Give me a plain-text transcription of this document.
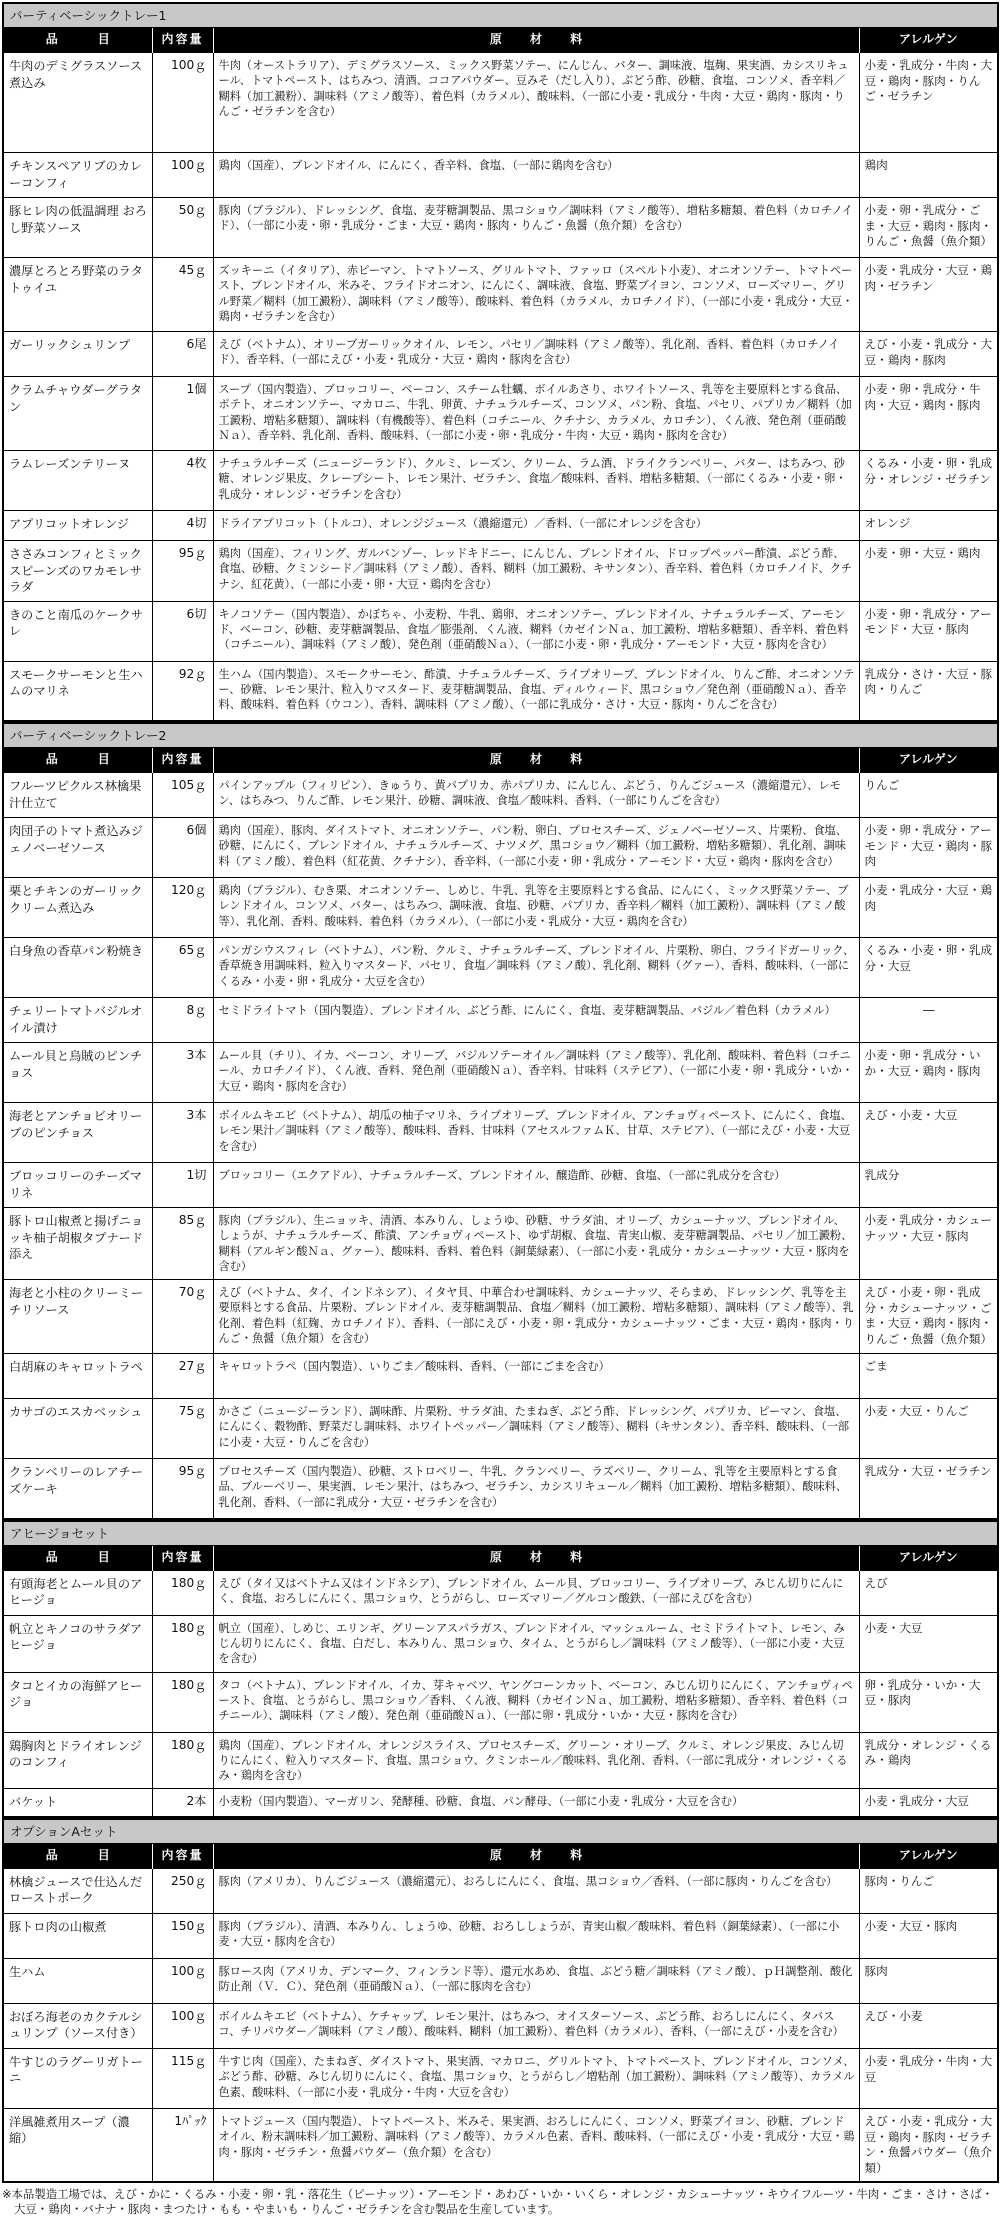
パーティベーシックトレー1
品　目	内容量	原 材 料	アレルゲン
牛肉のデミグラスソース煮込み	100ｇ	牛肉（オーストラリア）、デミグラスソース、ミックス野菜ソテー、にんじん、バター、調味液、塩麹、果実酒、カシスリキュール、トマトペースト、はちみつ、清酒、ココアパウダー、豆みそ（だし入り）、ぶどう酢、砂糖、食塩、コンソメ、香辛料／糊料（加工澱粉）、調味料（アミノ酸等）、着色料（カラメル）、酸味料、（一部に小麦・乳成分・牛肉・大豆・鶏肉・豚肉・りんご・ゼラチンを含む）	小麦・乳成分・牛肉・大豆・鶏肉・豚肉・りんご・ゼラチン
チキンスペアリブのカレーコンフィ	100ｇ	鶏肉（国産）、ブレンドオイル、にんにく、香辛料、食塩、（一部に鶏肉を含む）	鶏肉
豚ヒレ肉の低温調理 おろし野菜ソース	50ｇ	豚肉（ブラジル）、ドレッシング、食塩、麦芽糖調製品、黒コショウ／調味料（アミノ酸等）、増粘多糖類、着色料（カロチノイド）、（一部に小麦・卵・乳成分・ごま・大豆・鶏肉・豚肉・りんご・魚醤（魚介類）を含む）	小麦・卵・乳成分・ごま・大豆・鶏肉・豚肉・りんご・魚醤（魚介類）
濃厚とろとろ野菜のラタトゥイユ	45ｇ	ズッキーニ（イタリア）、赤ピーマン、トマトソース、グリルトマト、ファッロ（スペルト小麦）、オニオンソテー、トマトペースト、ブレンドオイル、米みそ、フライドオニオン、にんにく、調味液、食塩、野菜ブイヨン、コンソメ、ローズマリー、グリル野菜／糊料（加工澱粉）、調味料（アミノ酸等）、酸味料、着色料（カラメル、カロチノイド）、（一部に小麦・乳成分・大豆・鶏肉・ゼラチンを含む）	小麦・乳成分・大豆・鶏肉・ゼラチン
ガーリックシュリンプ	6尾	えび（ベトナム）、オリーブガーリックオイル、レモン、パセリ／調味料（アミノ酸等）、乳化剤、香料、着色料（カロチノイド）、香辛料、（一部にえび・小麦・乳成分・大豆・鶏肉・豚肉を含む）	えび・小麦・乳成分・大豆・鶏肉・豚肉
クラムチャウダーグラタン	1個	スープ（国内製造）、ブロッコリー、ベーコン、スチーム牡蠣、ボイルあさり、ホワイトソース、乳等を主要原料とする食品、ポテト、オニオンソテー、マカロニ、牛乳、卵黄、ナチュラルチーズ、コンソメ、パン粉、食塩、パセリ、パプリカ／糊料（加工澱粉、増粘多糖類）、調味料（有機酸等）、着色料（コチニール、クチナシ、カラメル、カロチン）、くん液、発色剤（亜硝酸Ｎａ）、香辛料、乳化剤、香料、酸味料、（一部に小麦・卵・乳成分・牛肉・大豆・鶏肉・豚肉を含む）	小麦・卵・乳成分・牛肉・大豆・鶏肉・豚肉
ラムレーズンテリーヌ	4枚	ナチュラルチーズ（ニュージーランド）、クルミ、レーズン、クリーム、ラム酒、ドライクランベリー、バター、はちみつ、砂糖、オレンジ果皮、クレープシート、レモン果汁、ゼラチン、食塩／酸味料、香料、増粘多糖類、（一部にくるみ・小麦・卵・乳成分・オレンジ・ゼラチンを含む）	くるみ・小麦・卵・乳成分・オレンジ・ゼラチン
アプリコットオレンジ	4切	ドライアプリコット（トルコ）、オレンジジュース（濃縮還元）／香料、（一部にオレンジを含む）	オレンジ
ささみコンフィとミックスビーンズのワカモレサラダ	95ｇ	鶏肉（国産）、フィリング、ガルバンゾー、レッドキドニー、にんじん、ブレンドオイル、ドロップペッパー酢漬、ぶどう酢、食塩、砂糖、クミンシード／調味料（アミノ酸）、香料、糊料（加工澱粉、キサンタン）、香辛料、着色料（カロチノイド、クチナシ、紅花黄）、（一部に小麦・卵・大豆・鶏肉を含む）	小麦・卵・大豆・鶏肉
きのこと南瓜のケークサレ	6切	キノコソテー（国内製造）、かぼちゃ、小麦粉、牛乳、鶏卵、オニオンソテー、ブレンドオイル、ナチュラルチーズ、アーモンド、ベーコン、砂糖、麦芽糖調製品、食塩／膨張剤、くん液、糊料（カゼインＮａ、加工澱粉、増粘多糖類）、香辛料、着色料（コチニール）、調味料（アミノ酸）、発色剤（亜硝酸Ｎａ）、（一部に小麦・卵・乳成分・アーモンド・大豆・豚肉を含む）	小麦・卵・乳成分・アーモンド・大豆・豚肉
スモークサーモンと生ハムのマリネ	92ｇ	生ハム（国内製造）、スモークサーモン、酢漬、ナチュラルチーズ、ライプオリーブ、ブレンドオイル、りんご酢、オニオンソテー、砂糖、レモン果汁、粒入りマスタード、麦芽糖調製品、食塩、ディルウィード、黒コショウ／発色剤（亜硝酸Ｎａ）、香辛料、酸味料、着色料（ウコン）、香料、調味料（アミノ酸）、（一部に乳成分・さけ・大豆・豚肉・りんごを含む）	乳成分・さけ・大豆・豚肉・りんご
パーティベーシックトレー2
品　目	内容量	原 材 料	アレルゲン
フルーツピクルス林檎果汁仕立て	105ｇ	パインアップル（フィリピン）、きゅうり、黄パプリカ、赤パプリカ、にんじん、ぶどう、りんごジュース（濃縮還元）、レモン、はちみつ、りんご酢、レモン果汁、砂糖、調味液、食塩／酸味料、香料、（一部にりんごを含む）	りんご
肉団子のトマト煮込みジェノベーゼソース	6個	鶏肉（国産）、豚肉、ダイストマト、オニオンソテー、パン粉、卵白、プロセスチーズ、ジェノベーゼソース、片栗粉、食塩、砂糖、にんにく、ブレンドオイル、ナチュラルチーズ、ナツメグ、黒コショウ／糊料（加工澱粉、増粘多糖類）、乳化剤、調味料（アミノ酸）、着色料（紅花黄、クチナシ）、香辛料、（一部に小麦・卵・乳成分・アーモンド・大豆・鶏肉・豚肉を含む）	小麦・卵・乳成分・アーモンド・大豆・鶏肉・豚肉
栗とチキンのガーリッククリーム煮込み	120ｇ	鶏肉（ブラジル）、むき栗、オニオンソテー、しめじ、牛乳、乳等を主要原料とする食品、にんにく、ミックス野菜ソテー、ブレンドオイル、コンソメ、バター、はちみつ、調味液、食塩、砂糖、パプリカ、香辛料／糊料（加工澱粉）、調味料（アミノ酸等）、乳化剤、香料、酸味料、着色料（カラメル）、（一部に小麦・乳成分・大豆・鶏肉を含む）	小麦・乳成分・大豆・鶏肉
白身魚の香草パン粉焼き	65ｇ	パンガシウスフィレ（ベトナム）、パン粉、クルミ、ナチュラルチーズ、ブレンドオイル、片栗粉、卵白、フライドガーリック、香草焼き用調味料、粒入りマスタード、パセリ、食塩／調味料（アミノ酸）、乳化剤、糊料（グァー）、香料、酸味料、（一部にくるみ・小麦・卵・乳成分・大豆を含む）	くるみ・小麦・卵・乳成分・大豆
チェリートマトバジルオイル漬け	8ｇ	セミドライトマト（国内製造）、ブレンドオイル、ぶどう酢、にんにく、食塩、麦芽糖調製品、バジル／着色料（カラメル）	―
ムール貝と烏賊のピンチョス	3本	ムール貝（チリ）、イカ、ベーコン、オリーブ、バジルソテーオイル／調味料（アミノ酸等）、乳化剤、酸味料、着色料（コチニール、カロチノイド）、くん液、香料、発色剤（亜硝酸Ｎａ）、香辛料、甘味料（ステビア）、（一部に小麦・卵・乳成分・いか・大豆・鶏肉・豚肉を含む）	小麦・卵・乳成分・いか・大豆・鶏肉・豚肉
海老とアンチョビオリーブのピンチョス	3本	ボイルムキエビ（ベトナム）、胡瓜の柚子マリネ、ライプオリーブ、ブレンドオイル、アンチョヴィペースト、にんにく、食塩、レモン果汁／調味料（アミノ酸等）、酸味料、香料、甘味料（アセスルファムＫ、甘草、ステビア）、（一部にえび・小麦・大豆を含む）	えび・小麦・大豆
ブロッコリーのチーズマリネ	1切	ブロッコリー（エクアドル）、ナチュラルチーズ、ブレンドオイル、醸造酢、砂糖、食塩、（一部に乳成分を含む）	乳成分
豚トロ山椒煮と揚げニョッキ柚子胡椒タプナード添え	85ｇ	豚肉（ブラジル）、生ニョッキ、清酒、本みりん、しょうゆ、砂糖、サラダ油、オリーブ、カシューナッツ、ブレンドオイル、しょうが、ナチュラルチーズ、酢漬、アンチョヴィペースト、ゆず胡椒、食塩、青実山椒、麦芽糖調製品、パセリ／加工澱粉、糊料（アルギン酸Ｎａ、グァー）、酸味料、香料、着色料（銅葉緑素）、（一部に小麦・乳成分・カシューナッツ・大豆・豚肉を含む）	小麦・乳成分・カシューナッツ・大豆・豚肉
海老と小柱のクリーミーチリソース	70ｇ	えび（ベトナム、タイ、インドネシア）、イタヤ貝、中華合わせ調味料、カシューナッツ、そらまめ、ドレッシング、乳等を主要原料とする食品、片栗粉、ブレンドオイル、麦芽糖調製品、食塩／糊料（加工澱粉、増粘多糖類）、調味料（アミノ酸等）、乳化剤、着色料（紅麹、カロチノイド）、香料、（一部にえび・小麦・卵・乳成分・カシューナッツ・ごま・大豆・鶏肉・豚肉・りんご・魚醤（魚介類）を含む）	えび・小麦・卵・乳成分・カシューナッツ・ごま・大豆・鶏肉・豚肉・りんご・魚醤（魚介類）
白胡麻のキャロットラペ	27ｇ	キャロットラペ（国内製造）、いりごま／酸味料、香料、（一部にごまを含む）	ごま
カサゴのエスカベッシュ	75ｇ	かさご（ニュージーランド）、調味酢、片栗粉、サラダ油、たまねぎ、ぶどう酢、ドレッシング、パプリカ、ピーマン、食塩、にんにく、穀物酢、野菜だし調味料、ホワイトペッパー／調味料（アミノ酸等）、糊料（キサンタン）、香辛料、酸味料、（一部に小麦・大豆・りんごを含む）	小麦・大豆・りんご
クランベリーのレアチーズケーキ	95ｇ	プロセスチーズ（国内製造）、砂糖、ストロベリー、牛乳、クランベリー、ラズベリー、クリーム、乳等を主要原料とする食品、ブルーベリー、果実酒、レモン果汁、はちみつ、ゼラチン、カシスリキュール／糊料（加工澱粉、増粘多糖類）、酸味料、乳化剤、香料、（一部に乳成分・大豆・ゼラチンを含む）	乳成分・大豆・ゼラチン
アヒージョセット
品　目	内容量	原 材 料	アレルゲン
有頭海老とムール貝のアヒージョ	180ｇ	えび（タイ又はベトナム又はインドネシア）、ブレンドオイル、ムール貝、ブロッコリー、ライプオリーブ、みじん切りにんにく、食塩、おろしにんにく、黒コショウ、とうがらし、ローズマリー／グルコン酸鉄、（一部にえびを含む）	えび
帆立とキノコのサラダアヒージョ	180ｇ	帆立（国産）、しめじ、エリンギ、グリーンアスパラガス、ブレンドオイル、マッシュルーム、セミドライトマト、レモン、みじん切りにんにく、食塩、白だし、本みりん、黒コショウ、タイム、とうがらし／調味料（アミノ酸等）、（一部に小麦・大豆を含む）	小麦・大豆
タコとイカの海鮮アヒージョ	180ｇ	タコ（ベトナム）、ブレンドオイル、イカ、芽キャベツ、ヤングコーンカット、ベーコン、みじん切りにんにく、アンチョヴィペースト、食塩、とうがらし、黒コショウ／香料、くん液、糊料（カゼインＮａ、加工澱粉、増粘多糖類）、香辛料、着色料（コチニール）、調味料（アミノ酸）、発色剤（亜硝酸Ｎａ）、（一部に卵・乳成分・いか・大豆・豚肉を含む）	卵・乳成分・いか・大豆・豚肉
鶏胸肉とドライオレンジのコンフィ	180ｇ	鶏肉（国産）、ブレンドオイル、オレンジスライス、プロセスチーズ、グリーン・オリーブ、クルミ、オレンジ果皮、みじん切りにんにく、粒入りマスタード、食塩、黒コショウ、クミンホール／酸味料、乳化剤、香料、（一部に乳成分・オレンジ・くるみ・鶏肉を含む）	乳成分・オレンジ・くるみ・鶏肉
バケット	2本	小麦粉（国内製造）、マーガリン、発酵種、砂糖、食塩、パン酵母、（一部に小麦・乳成分・大豆を含む）	小麦・乳成分・大豆
オプションAセット
品　目	内容量	原 材 料	アレルゲン
林檎ジュースで仕込んだローストポーク	250ｇ	豚肉（アメリカ）、りんごジュース（濃縮還元）、おろしにんにく、食塩、黒コショウ／香料、（一部に豚肉・りんごを含む）	豚肉・りんご
豚トロ肉の山椒煮	150ｇ	豚肉（ブラジル）、清酒、本みりん、しょうゆ、砂糖、おろししょうが、青実山椒／酸味料、着色料（銅葉緑素）、（一部に小麦・大豆・豚肉を含む）	小麦・大豆・豚肉
生ハム	100ｇ	豚ロース肉（アメリカ、デンマーク、フィンランド等）、還元水あめ、食塩、ぶどう糖／調味料（アミノ酸）、ｐＨ調整剤、酸化防止剤（Ｖ．Ｃ）、発色剤（亜硝酸Ｎａ）、（一部に豚肉を含む）	豚肉
おぼろ海老のカクテルシュリンプ（ソース付き）	100ｇ	ボイルムキエビ（ベトナム）、ケチャップ、レモン果汁、はちみつ、オイスターソース、ぶどう酢、おろしにんにく、タバスコ、チリパウダー／調味料（アミノ酸）、酸味料、糊料（加工澱粉）、着色料（カラメル）、香料、（一部にえび・小麦を含む）	えび・小麦
牛すじのラグーリガトーニ	115ｇ	牛すじ肉（国産）、たまねぎ、ダイストマト、果実酒、マカロニ、グリルトマト、トマトペースト、ブレンドオイル、コンソメ、ぶどう酢、砂糖、みじん切りにんにく、食塩、黒コショウ、とうがらし／増粘剤（加工澱粉）、調味料（アミノ酸等）、カラメル色素、酸味料、（一部に小麦・乳成分・牛肉・大豆を含む）	小麦・乳成分・牛肉・大豆
洋風雑煮用スープ（濃縮）	1ﾊﾟｯｸ	トマトジュース（国内製造）、トマトペースト、米みそ、果実酒、おろしにんにく、コンソメ、野菜ブイヨン、砂糖、ブレンドオイル、粉末調味料／加工澱粉、調味料（アミノ酸等）、カラメル色素、香料、酸味料、（一部にえび・小麦・乳成分・大豆・鶏肉・豚肉・ゼラチン・魚醤パウダー（魚介類）を含む）	えび・小麦・乳成分・大豆・鶏肉・豚肉・ゼラチン・魚醤パウダー（魚介類）
※本品製造工場では、えび・かに・くるみ・小麦・卵・乳・落花生（ピーナッツ）・アーモンド・あわび・いか・いくら・オレンジ・カシューナッツ・キウイフルーツ・牛肉・ごま・さけ・さば・大豆・鶏肉・バナナ・豚肉・まつたけ・もも・やまいも・りんご・ゼラチンを含む製品を生産しています。
